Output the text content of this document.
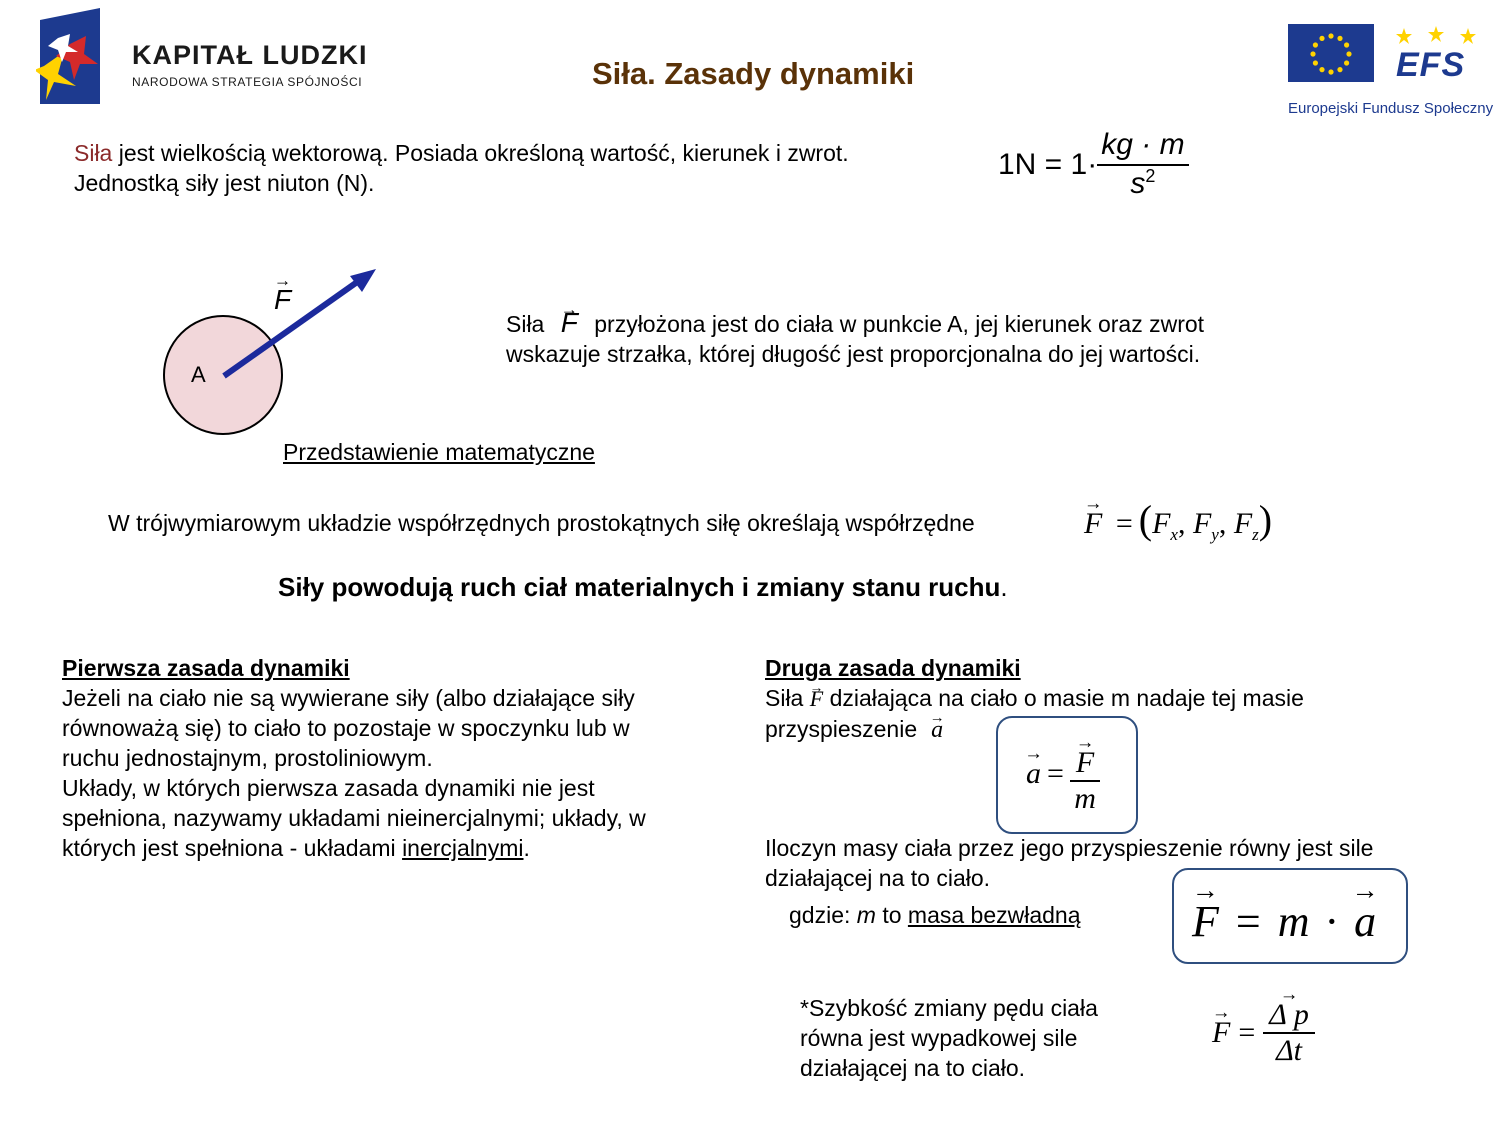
KAPITAŁ LUDZKI
NARODOWA STRATEGIA SPÓJNOŚCI	Siła. Zasady dynamiki	EFS
Europejski Fundusz Społeczny
Siła jest wielkością wektorową. Posiada określoną wartość, kierunek i zwrot.
Jednostką siły jest niuton (N).
$1N = 1\cdot \frac{kg \cdot m}{s^2}$
A
→ F
Siła → F przyłożona jest do ciała w punkcie A, jej kierunek oraz zwrot
wskazuje strzałka, której długość jest proporcjonalna do jej wartości.
Przedstawienie matematyczne
W trójwymiarowym układzie współrzędnych prostokątnych siłę określają współrzędne	→ $F = (F_x$, $F_y$, $F_z$)
Siły powodują ruch ciał materialnych i zmiany stanu ruchu.
Pierwsza zasada dynamiki
Jeżeli na ciało nie są wywierane siły (albo działające siły
równoważą się) to ciało to pozostaje w spoczynku lub w
ruchu jednostajnym, prostoliniowym.
Układy, w których pierwsza zasada dynamiki nie jest
spełniona, nazywamy układami nieinercjalnymi; układy, w
których jest spełniona - układami inercjalnymi.
Druga zasada dynamiki
Siła → F działająca na ciało o masie m nadaje tej masie
przyspieszenie → a
→ a = → $\frac{F}{m}$
Iloczyn masy ciała przez jego przyspieszenie równy jest sile
działającej na to ciało.
gdzie: m to masa bezwładną	→ F = m · → a
*Szybkość zmiany pędu ciała
równa jest wypadkowej sile
działającej na to ciało.
→ F = → $\frac{\text{Δ p}}{\Delta t}$
